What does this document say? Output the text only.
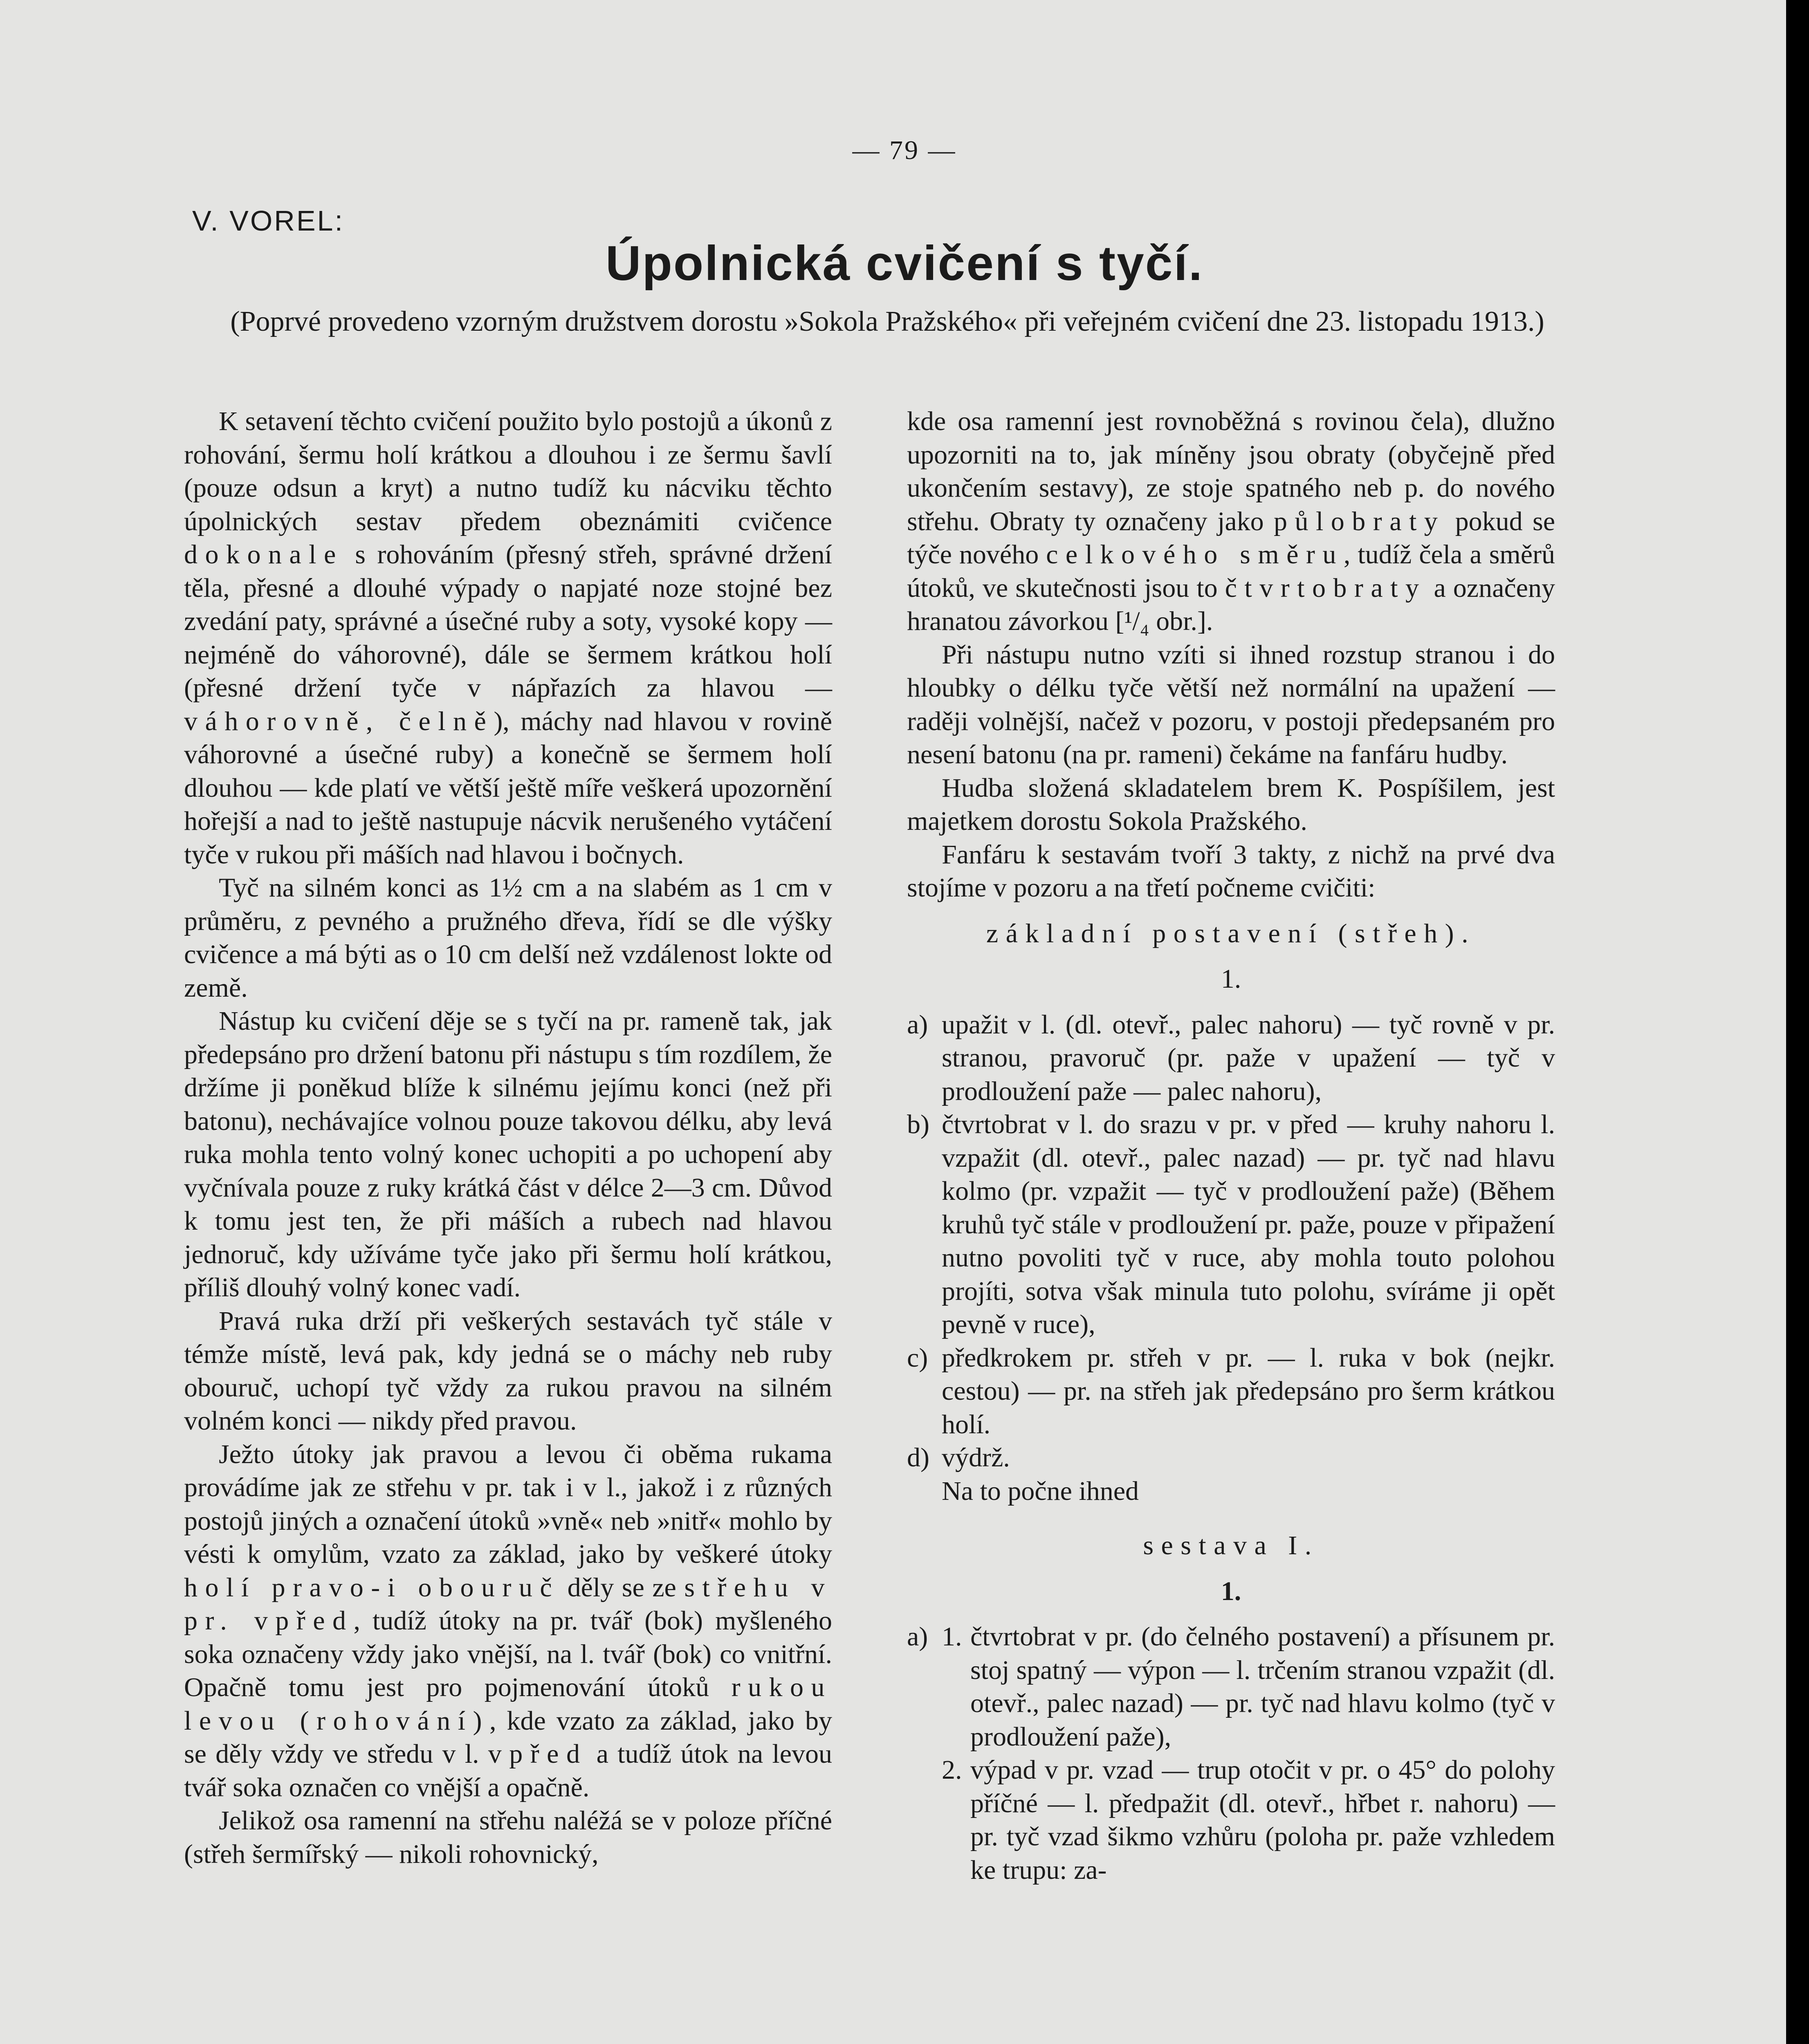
— 79 —
V. VOREL:
Úpolnická cvičení s tyčí.
(Poprvé provedeno vzorným družstvem dorostu »Sokola Pražského« při veřejném cvičení dne 23. listopadu 1913.)

K setavení těchto cvičení použito bylo postojů a úkonů z rohování, šermu holí krátkou a dlouhou i ze šermu šavlí (pouze odsun a kryt) a nutno tudíž ku nácviku těchto úpolnických sestav předem obeznámiti cvičence dokonale s rohováním (přesný střeh, správné držení těla, přesné a dlouhé výpady o napjaté noze stojné bez zvedání paty, správné a úsečné ruby a soty, vysoké kopy — nejméně do váhorovné), dále se šermem krátkou holí (přesné držení tyče v nápřazích za hlavou — váhorovně, čelně), máchy nad hlavou v rovině váhorovné a úsečné ruby) a konečně se šermem holí dlouhou — kde platí ve větší ještě míře veškerá upozornění hořejší a nad to ještě nastupuje nácvik nerušeného vytáčení tyče v rukou při máších nad hlavou i bočnych.

Tyč na silném konci as 1½ cm a na slabém as 1 cm v průměru, z pevného a pružného dřeva, řídí se dle výšky cvičence a má býti as o 10 cm delší než vzdálenost lokte od země.

Nástup ku cvičení děje se s tyčí na pr. rameně tak, jak předepsáno pro držení batonu při nástupu s tím rozdílem, že držíme ji poněkud blíže k silnému jejímu konci (než při batonu), nechávajíce volnou pouze takovou délku, aby levá ruka mohla tento volný konec uchopiti a po uchopení aby vyčnívala pouze z ruky krátká část v délce 2—3 cm. Důvod k tomu jest ten, že při máších a rubech nad hlavou jednoruč, kdy užíváme tyče jako při šermu holí krátkou, příliš dlouhý volný konec vadí.

Pravá ruka drží při veškerých sestavách tyč stále v témže místě, levá pak, kdy jedná se o máchy neb ruby obouruč, uchopí tyč vždy za rukou pravou na silném volném konci — nikdy před pravou.

Ježto útoky jak pravou a levou či oběma rukama provádíme jak ze střehu v pr. tak i v l., jakož i z různých postojů jiných a označení útoků »vně« neb »nitř« mohlo by vésti k omylům, vzato za základ, jako by veškeré útoky holí pravo-i obouruč děly se ze střehu v pr. vpřed, tudíž útoky na pr. tvář (bok) myšleného soka označeny vždy jako vnější, na l. tvář (bok) co vnitřní. Opačně tomu jest pro pojmenování útoků rukou levou (rohování), kde vzato za základ, jako by se děly vždy ve středu v l. vpřed a tudíž útok na levou tvář soka označen co vnější a opačně.

Jelikož osa ramenní na střehu naléžá se v poloze příčné (střeh šermířský — nikoli rohovnický,

kde osa ramenní jest rovnoběžná s rovinou čela), dlužno upozorniti na to, jak míněny jsou obraty (obyčejně před ukončením sestavy), ze stoje spatného neb p. do nového střehu. Obraty ty označeny jako půlobraty pokud se týče nového celkového směru, tudíž čela a směrů útoků, ve skutečnosti jsou to čtvrtobraty a označeny hranatou závorkou [¹/₄ obr.].

Při nástupu nutno vzíti si ihned rozstup stranou i do hloubky o délku tyče větší než normální na upažení — raději volnější, načež v pozoru, v postoji předepsaném pro nesení batonu (na pr. rameni) čekáme na fanfáru hudby.

Hudba složená skladatelem brem K. Pospíšilem, jest majetkem dorostu Sokola Pražského.

Fanfáru k sestavám tvoří 3 takty, z nichž na prvé dva stojíme v pozoru a na třetí počneme cvičiti:

základní postavení (střeh).

1.

a) upažit v l. (dl. otevř., palec nahoru) — tyč rovně v pr. stranou, pravoruč (pr. paže v upažení — tyč v prodloužení paže — palec nahoru),
b) čtvrtobrat v l. do srazu v pr. v před — kruhy nahoru l. vzpažit (dl. otevř., palec nazad) — pr. tyč nad hlavu kolmo (pr. vzpažit — tyč v prodloužení paže) (Během kruhů tyč stále v prodloužení pr. paže, pouze v připažení nutno povoliti tyč v ruce, aby mohla touto polohou projíti, sotva však minula tuto polohu, svíráme ji opět pevně v ruce),
c) předkrokem pr. střeh v pr. — l. ruka v bok (nejkr. cestou) — pr. na střeh jak předepsáno pro šerm krátkou holí.
d) výdrž.

Na to počne ihned

sestava I.

1.

a) 1. čtvrtobrat v pr. (do čelného postavení) a přísunem pr. stoj spatný — výpon — l. trčením stranou vzpažit (dl. otevř., palec nazad) — pr. tyč nad hlavu kolmo (tyč v prodloužení paže),
2. výpad v pr. vzad — trup otočit v pr. o 45° do polohy příčné — l. předpažit (dl. otevř., hřbet r. nahoru) — pr. tyč vzad šikmo vzhůru (poloha pr. paže vzhledem ke trupu: za-
